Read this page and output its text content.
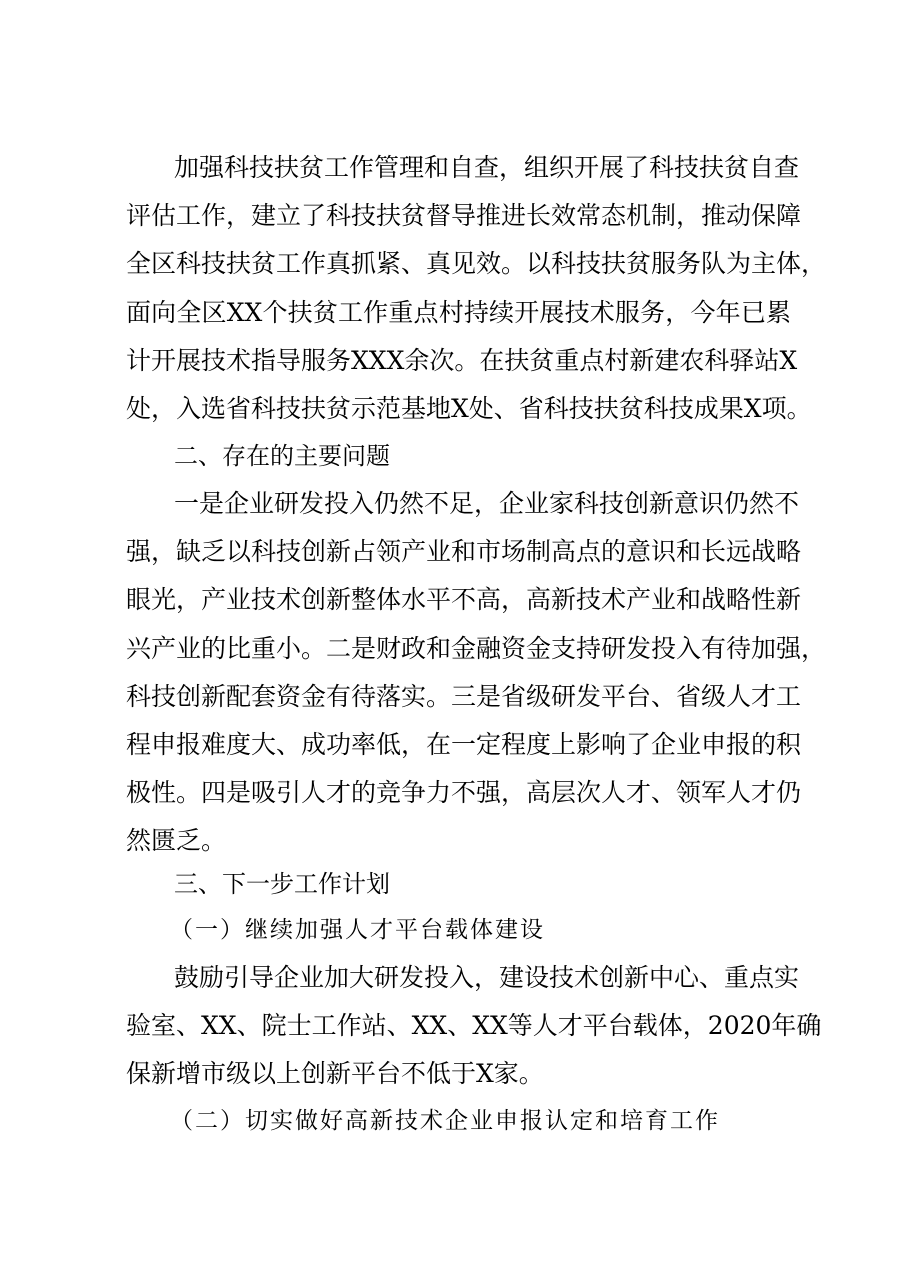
加强科技扶贫工作管理和自查，组织开展了科技扶贫自查

评估工作，建立了科技扶贫督导推进长效常态机制，推动保障

全区科技扶贫工作真抓紧、真见效。以科技扶贫服务队为主体，

面向全区XX个扶贫工作重点村持续开展技术服务，今年已累

计开展技术指导服务XXX余次。在扶贫重点村新建农科驿站X

处，入选省科技扶贫示范基地X处、省科技扶贫科技成果X项。

二、存在的主要问题

一是企业研发投入仍然不足，企业家科技创新意识仍然不

强，缺乏以科技创新占领产业和市场制高点的意识和长远战略

眼光，产业技术创新整体水平不高，高新技术产业和战略性新

兴产业的比重小。二是财政和金融资金支持研发投入有待加强，

科技创新配套资金有待落实。三是省级研发平台、省级人才工

程申报难度大、成功率低，在一定程度上影响了企业申报的积

极性。四是吸引人才的竞争力不强，高层次人才、领军人才仍

然匮乏。

三、下一步工作计划

（一）继续加强人才平台载体建设

鼓励引导企业加大研发投入，建设技术创新中心、重点实

验室、XX、院士工作站、XX、XX等人才平台载体，2020年确

保新增市级以上创新平台不低于X家。

（二）切实做好高新技术企业申报认定和培育工作
